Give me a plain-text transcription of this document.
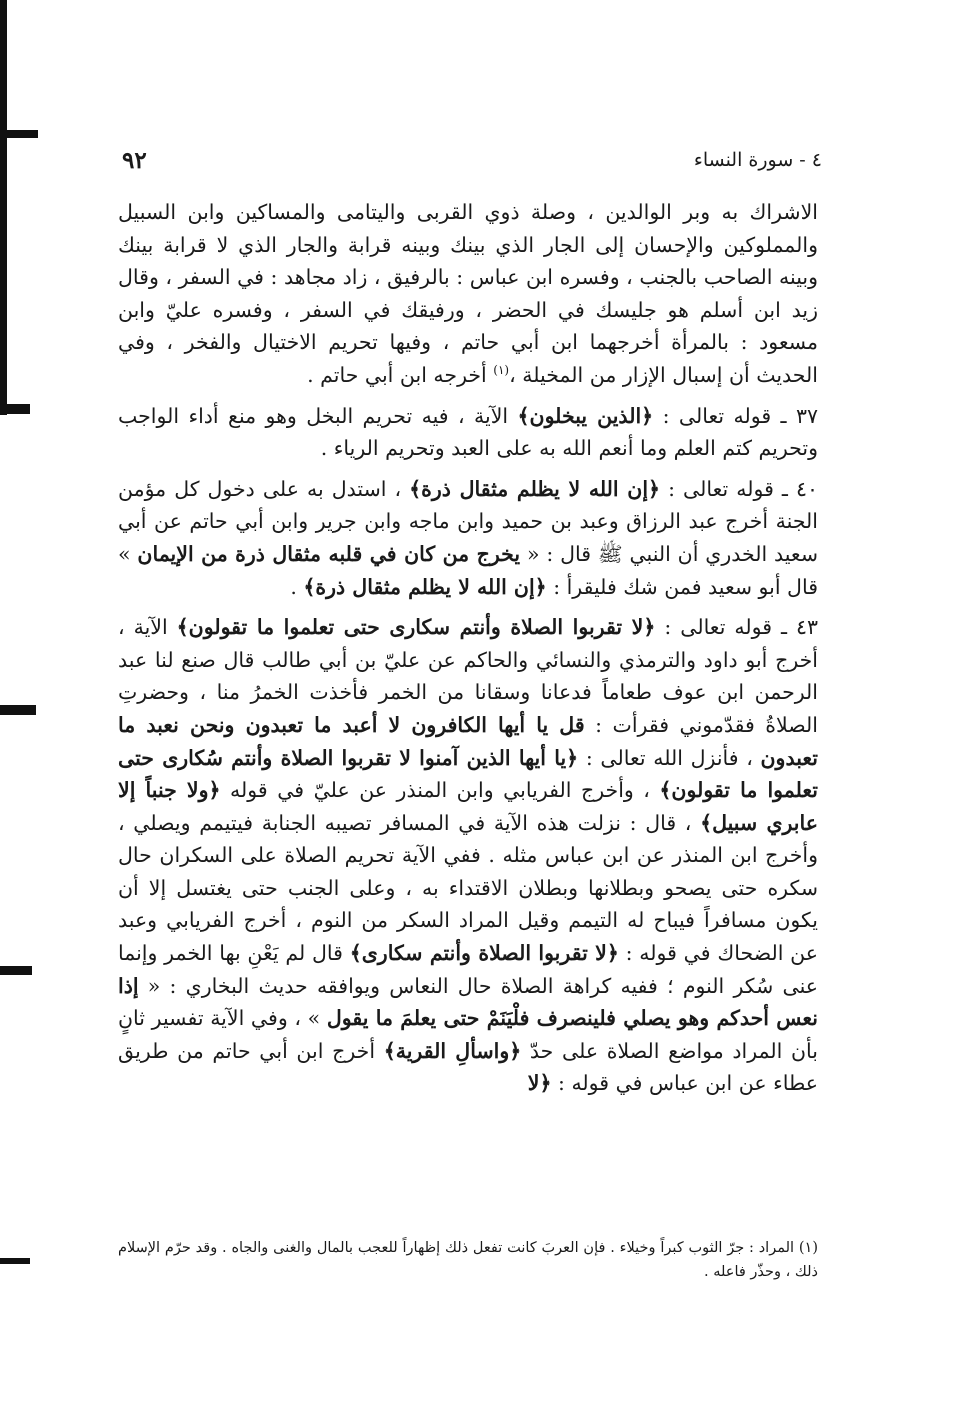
٩٢	٤ - سورة النساء

الاشراك به وبر الوالدين ، وصلة ذوي القربى واليتامى والمساكين وابن السبيل والمملوكين والإحسان إلى الجار الذي بينك وبينه قرابة والجار الذي لا قرابة بينك وبينه الصاحب بالجنب ، وفسره ابن عباس : بالرفيق ، زاد مجاهد : في السفر ، وقال زيد ابن أسلم هو جليسك في الحضر ، ورفيقك في السفر ، وفسره عليّ وابن مسعود : بالمرأة أخرجهما ابن أبي حاتم ، وفيها تحريم الاختيال والفخر ، وفي الحديث أن إسبال الإزار من المخيلة ،$^{(١)}$ أخرجه ابن أبي حاتم .

٣٧ ـ قوله تعالى : ﴿الذين يبخلون﴾ الآية ، فيه تحريم البخل وهو منع أداء الواجب وتحريم كتم العلم وما أنعم الله به على العبد وتحريم الرياء .

٤٠ ـ قوله تعالى : ﴿إن الله لا يظلم مثقال ذرة﴾ ، استدل به على دخول كل مؤمن الجنة أخرج عبد الرزاق وعبد بن حميد وابن ماجه وابن جرير وابن أبي حاتم عن أبي سعيد الخدري أن النبي ﷺ قال : « يخرج من كان في قلبه مثقال ذرة من الإيمان » قال أبو سعيد فمن شك فليقرأ : ﴿إن الله لا يظلم مثقال ذرة﴾ .

٤٣ ـ قوله تعالى : ﴿لا تقربوا الصلاة وأنتم سكارى حتى تعلموا ما تقولون﴾ الآية ، أخرج أبو داود والترمذي والنسائي والحاكم عن عليّ بن أبي طالب قال صنع لنا عبد الرحمن ابن عوف طعاماً فدعانا وسقانا من الخمر فأخذت الخمرُ منا ، وحضرتِ الصلاةُ فقدّموني فقرأت : قل يا أيها الكافرون لا أعبد ما تعبدون ونحن نعبد ما تعبدون ، فأنزل الله تعالى : ﴿يا أيها الذين آمنوا لا تقربوا الصلاة وأنتم سُكارى حتى تعلموا ما تقولون﴾ ، وأخرج الفريابي وابن المنذر عن عليّ في قوله ﴿ولا جنباً إلا عابري سبيل﴾ ، قال : نزلت هذه الآية في المسافر تصيبه الجنابة فيتيمم ويصلي ، وأخرج ابن المنذر عن ابن عباس مثله . ففي الآية تحريم الصلاة على السكران حال سكره حتى يصحو وبطلانها وبطلان الاقتداء به ، وعلى الجنب حتى يغتسل إلا أن يكون مسافراً فيباح له التيمم وقيل المراد السكر من النوم ، أخرج الفريابي وعبد عن الضحاك في قوله : ﴿لا تقربوا الصلاة وأنتم سكارى﴾ قال لم يَعْنِ بها الخمر وإنما عنى سُكر النوم ؛ ففيه كراهة الصلاة حال النعاس ويوافقه حديث البخاري : « إذا نعس أحدكم وهو يصلي فلينصرف فلْيَنَمْ حتى يعلمَ ما يقول » ، وفي الآية تفسير ثانٍ بأن المراد مواضع الصلاة على حدّ ﴿واسألِ القرية﴾ أخرج ابن أبي حاتم من طريق عطاء عن ابن عباس في قوله : ﴿لا

(١) المراد : جرّ الثوب كبراً وخيلاء . فإن العربَ كانت تفعل ذلك إظهاراً للعجب بالمال والغنى والجاه . وقد حرّم الإسلام ذلك ، وحذّر فاعله .
